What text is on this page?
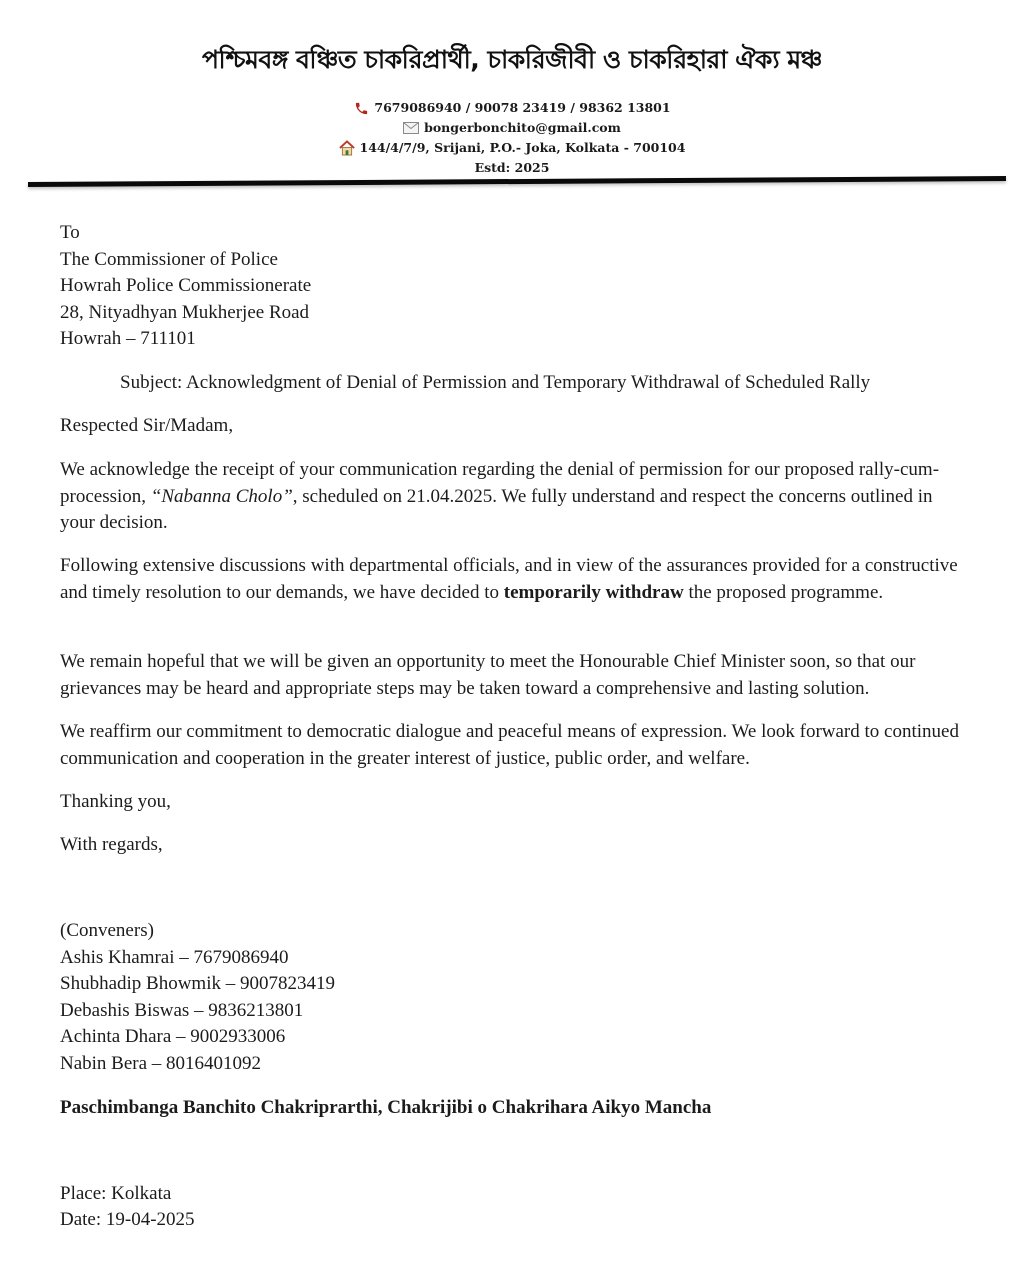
পশ্চিমবঙ্গ বঞ্চিত চাকরিপ্রার্থী, চাকরিজীবী ও চাকরিহারা ঐক্য মঞ্চ
7679086940 / 90078 23419 / 98362 13801
bongerbonchito@gmail.com
144/4/7/9, Srijani, P.O.- Joka, Kolkata - 700104
Estd: 2025
To
The Commissioner of Police
Howrah Police Commissionerate
28, Nityadhyan Mukherjee Road
Howrah – 711101
Subject: Acknowledgment of Denial of Permission and Temporary Withdrawal of Scheduled Rally
Respected Sir/Madam,

We acknowledge the receipt of your communication regarding the denial of permission for our proposed rally-cum-procession, “Nabanna Cholo”, scheduled on 21.04.2025. We fully understand and respect the concerns outlined in your decision.

Following extensive discussions with departmental officials, and in view of the assurances provided for a constructive and timely resolution to our demands, we have decided to temporarily withdraw the proposed programme.

We remain hopeful that we will be given an opportunity to meet the Honourable Chief Minister soon, so that our grievances may be heard and appropriate steps may be taken toward a comprehensive and lasting solution.

We reaffirm our commitment to democratic dialogue and peaceful means of expression. We look forward to continued communication and cooperation in the greater interest of justice, public order, and welfare.

Thanking you,
With regards,
(Conveners)
Ashis Khamrai – 7679086940
Shubhadip Bhowmik – 9007823419
Debashis Biswas – 9836213801
Achinta Dhara – 9002933006
Nabin Bera – 8016401092
Paschimbanga Banchito Chakriprarthi, Chakrijibi o Chakrihara Aikyo Mancha
Place: Kolkata
Date: 19-04-2025
